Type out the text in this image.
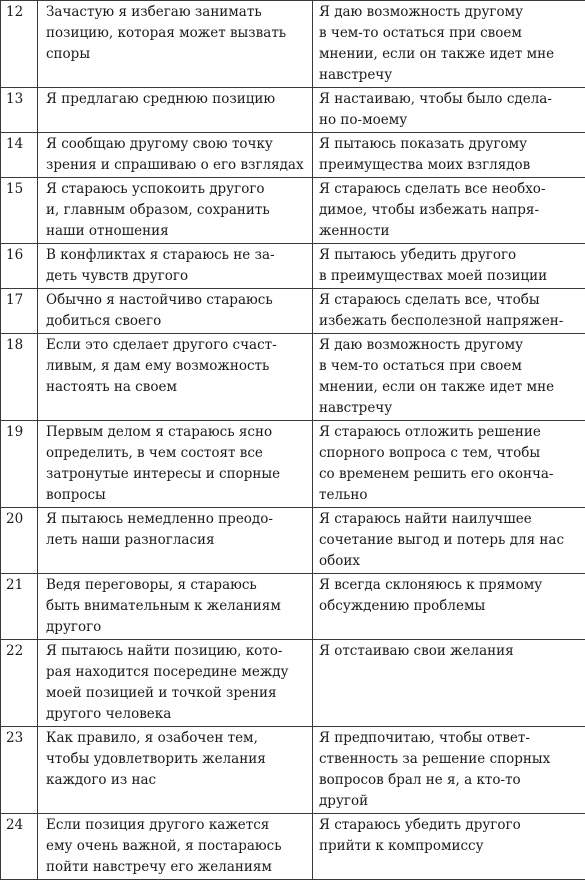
12	Зачастую я избегаю занимать
позицию, которая может вызвать
споры	Я даю возможность другому
в чем-то остаться при своем
мнении, если он также идет мне
навстречу

13	Я предлагаю среднюю позицию	Я настаиваю, чтобы было сдела-
но по-моему

14	Я сообщаю другому свою точку
зрения и спрашиваю о его взглядах	Я пытаюсь показать другому
преимущества моих взглядов

15	Я стараюсь успокоить другого
и, главным образом, сохранить
наши отношения	Я стараюсь сделать все необхо-
димое, чтобы избежать напря-
женности

16	В конфликтах я стараюсь не за-
деть чувств другого	Я пытаюсь убедить другого
в преимуществах моей позиции

17	Обычно я настойчиво стараюсь
добиться своего	Я стараюсь сделать все, чтобы
избежать бесполезной напряжен-

18	Если это сделает другого счаст-
ливым, я дам ему возможность
настоять на своем	Я даю возможность другому
в чем-то остаться при своем
мнении, если он также идет мне
навстречу

19	Первым делом я стараюсь ясно
определить, в чем состоят все
затронутые интересы и спорные
вопросы	Я стараюсь отложить решение
спорного вопроса с тем, чтобы
со временем решить его оконча-
тельно

20	Я пытаюсь немедленно преодо-
леть наши разногласия	Я стараюсь найти наилучшее
сочетание выгод и потерь для нас
обоих

21	Ведя переговоры, я стараюсь
быть внимательным к желаниям
другого	Я всегда склоняюсь к прямому
обсуждению проблемы

22	Я пытаюсь найти позицию, кото-
рая находится посередине между
моей позицией и точкой зрения
другого человека	Я отстаиваю свои желания

23	Как правило, я озабочен тем,
чтобы удовлетворить желания
каждого из нас	Я предпочитаю, чтобы ответ-
ственность за решение спорных
вопросов брал не я, а кто-то
другой

24	Если позиция другого кажется
ему очень важной, я постараюсь
пойти навстречу его желаниям	Я стараюсь убедить другого
прийти к компромиссу
